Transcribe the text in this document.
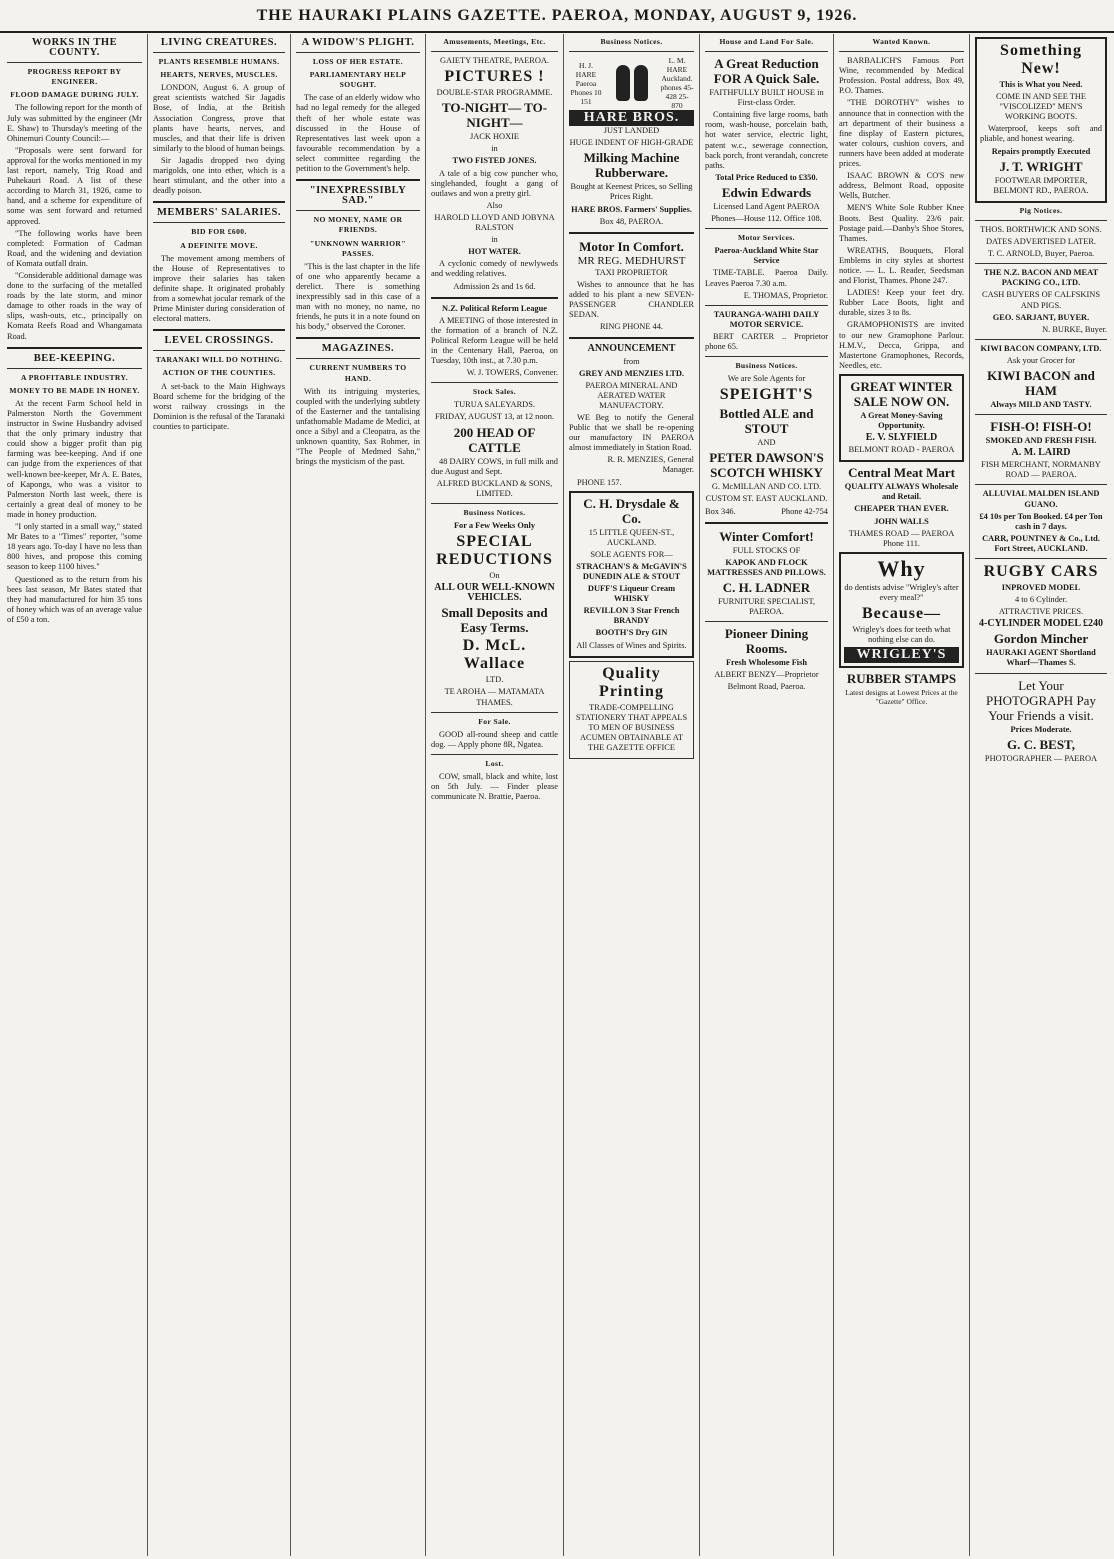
THE HAURAKI PLAINS GAZETTE. PAEROA, MONDAY, AUGUST 9, 1926.
WORKS IN THE COUNTY.
PROGRESS REPORT BY ENGINEER.
FLOOD DAMAGE DURING JULY.

The following report for the month of July was submitted by the engineer (Mr E. Shaw) to Thursday's meeting of the Ohinemuri County Council:—

"Proposals were sent forward for approval for the works mentioned in my last report, namely, Trig Road and Puhekauri Road. A list of these according to March 31, 1926, came to hand, and a scheme for expenditure of some was sent forward and returned approved.

"The following works have been completed: Formation of Cadman Road, and the widening and deviation of Komata outfall drain.

"Considerable additional damage was done to the surfacing of the metalled roads by the late storm, and minor damage to other roads in the way of slips, wash-outs, etc., principally on Komata Reefs Road and Whangamata Road.

BEE-KEEPING.
A PROFITABLE INDUSTRY.
MONEY TO BE MADE IN HONEY.

At the recent Farm School held in Palmerston North the Government instructor in Swine Husbandry advised that the only primary industry that could show a bigger profit than pig farming was bee-keeping. And if one can judge from the experiences of that well-known bee-keeper, Mr A. E. Bates, of Kapongs, who was a visitor to Palmerston North last week, there is certainly a great deal of money to be made in honey production.

"I only started in a small way," stated Mr Bates to a "Times" reporter, "some 18 years ago. To-day I have no less than 800 hives, and propose this coming season to keep 1100 hives."

Questioned as to the return from his bees last season, Mr Bates stated that they had manufactured for him 35 tons of honey which was of an average value of £50 a ton.

LIVING CREATURES.
PLANTS RESEMBLE HUMANS.
HEARTS, NERVES, MUSCLES.

LONDON, August 6. A group of great scientists watched Sir Jagadis Bose, of India, at the British Association Congress, prove that plants have hearts, nerves, and muscles, and that their life is driven similarly to the blood of human beings.

Sir Jagadis dropped two dying marigolds, one into ether, which is a heart stimulant, and the other into a deadly poison.

MEMBERS' SALARIES.
BID FOR £600.
A DEFINITE MOVE.

The movement among members of the House of Representatives to improve their salaries has taken definite shape. It originated probably from a somewhat jocular remark of the Prime Minister during consideration of electoral matters.

LEVEL CROSSINGS.
TARANAKI WILL DO NOTHING.
ACTION OF THE COUNTIES.

A set-back to the Main Highways Board scheme for the bridging of the worst railway crossings in the Dominion is the refusal of the Taranaki counties to participate.

A WIDOW'S PLIGHT.
LOSS OF HER ESTATE.
PARLIAMENTARY HELP SOUGHT.

The case of an elderly widow who had no legal remedy for the alleged theft of her whole estate was discussed in the House of Representatives last week upon a favourable recommendation by a select committee regarding the petition to the Government's help.

"INEXPRESSIBLY SAD."
NO MONEY, NAME OR FRIENDS.
"UNKNOWN WARRIOR" PASSES.

"This is the last chapter in the life of one who apparently became a derelict. There is something inexpressibly sad in this case of a man with no money, no name, no friends, he puts it in a note found on his body," observed the Coroner.

MAGAZINES.
CURRENT NUMBERS TO HAND.

With its intriguing mysteries, coupled with the underlying subtlety of the Easterner and the tantalising unfathomable Madame de Medici, at once a Sibyl and a Cleopatra, as the unknown quantity, Sax Rohmer, in "The People of Medmed Sahn," brings the mysticism of the past.

Amusements, Meetings, Etc.

GAIETY THEATRE, PAEROA.

PICTURES !

DOUBLE-STAR PROGRAMME.

TO-NIGHT— TO-NIGHT—

JACK HOXIE

in

TWO FISTED JONES.

A tale of a big cow puncher who, singlehanded, fought a gang of outlaws and won a pretty girl.

Also

HAROLD LLOYD AND JOBYNA RALSTON

in

HOT WATER.

A cyclonic comedy of newlyweds and wedding relatives.

Admission 2s and 1s 6d.

N.Z. Political Reform League

A MEETING of those interested in the formation of a branch of N.Z. Political Reform League will be held in the Centenary Hall, Paeroa, on Tuesday, 10th inst., at 7.30 p.m.

W. J. TOWERS, Convener.

Stock Sales.

TURUA SALEYARDS.

FRIDAY, AUGUST 13, at 12 noon.

200 HEAD OF CATTLE

48 DAIRY COWS, in full milk and due August and Sept.

ALFRED BUCKLAND & SONS, LIMITED.

Business Notices.

For a Few Weeks Only

SPECIAL REDUCTIONS

On

ALL OUR WELL-KNOWN VEHICLES.

Small Deposits and Easy Terms.

D. McL. Wallace

LTD.

TE AROHA — MATAMATA THAMES.

For Sale.

GOOD all-round sheep and cattle dog. — Apply phone 8R, Ngatea.

Lost.

COW, small, black and white, lost on 5th July. — Finder please communicate N. Brattie, Paeroa.

Business Notices.
H. J. HARE Paeroa Phones 10 151
L. M. HARE Auckland. phones 45-428 25-870
HARE BROS.

JUST LANDED

HUGE INDENT OF HIGH-GRADE

Milking Machine Rubberware.

Bought at Keenest Prices, so Selling Prices Right.

HARE BROS. Farmers' Supplies.

Box 48, PAEROA.

Motor In Comfort.

MR REG. MEDHURST

TAXI PROPRIETOR

Wishes to announce that he has added to his plant a new SEVEN-PASSENGER CHANDLER SEDAN.

RING PHONE 44.

ANNOUNCEMENT

from

GREY AND MENZIES LTD.

PAEROA MINERAL AND AERATED WATER MANUFACTORY.

WE Beg to notify the General Public that we shall be re-opening our manufactory IN PAEROA almost immediately in Station Road.

R. R. MENZIES, General Manager.

PHONE 157.

C. H. Drysdale & Co.

15 LITTLE QUEEN-ST., AUCKLAND.

SOLE AGENTS FOR—

STRACHAN'S & McGAVIN'S DUNEDIN ALE & STOUT

DUFF'S Liqueur Cream WHISKY

REVILLON 3 Star French BRANDY

BOOTH'S Dry GIN

All Classes of Wines and Spirits.

Quality Printing

TRADE-COMPELLING STATIONERY THAT APPEALS TO MEN OF BUSINESS ACUMEN OBTAINABLE AT THE GAZETTE OFFICE

House and Land For Sale.

A Great Reduction FOR A Quick Sale.

FAITHFULLY BUILT HOUSE in First-class Order.

Containing five large rooms, bath room, wash-house, porcelain bath, hot water service, electric light, patent w.c., sewerage connection, back porch, front verandah, concrete paths.

Total Price Reduced to £350.

Edwin Edwards

Licensed Land Agent PAEROA

Phones—House 112. Office 108.

Motor Services.

Paeroa-Auckland White Star Service

TIME-TABLE. Paeroa Daily. Leaves Paeroa 7.30 a.m.

E. THOMAS, Proprietor.

TAURANGA-WAIHI DAILY MOTOR SERVICE.

BERT CARTER .. Proprietor phone 65.

Business Notices.

We are Sole Agents for

SPEIGHT'S

Bottled ALE and STOUT

AND

PETER DAWSON'S SCOTCH WHISKY

G. McMILLAN AND CO. LTD.

CUSTOM ST. EAST AUCKLAND.

Box 346.	Phone 42-754

Winter Comfort!

FULL STOCKS OF

KAPOK AND FLOCK MATTRESSES AND PILLOWS.

C. H. LADNER

FURNITURE SPECIALIST, PAEROA.

Pioneer Dining Rooms.

Fresh Wholesome Fish

ALBERT BENZY—Proprietor

Belmont Road, Paeroa.

Wanted Known.

BARBALICH'S Famous Port Wine, recommended by Medical Profession. Postal address, Box 49, P.O. Thames.

"THE DOROTHY" wishes to announce that in connection with the art department of their business a fine display of Eastern pictures, water colours, cushion covers, and runners have been added at moderate prices.

ISAAC BROWN & CO'S new address, Belmont Road, opposite Wells, Butcher.

MEN'S White Sole Rubber Knee Boots. Best Quality. 23/6 pair. Postage paid.—Danby's Shoe Stores, Thames.

WREATHS, Bouquets, Floral Emblems in city styles at shortest notice. — L. L. Reader, Seedsman and Florist, Thames. Phone 247.

LADIES! Keep your feet dry. Rubber Lace Boots, light and durable, sizes 3 to 8s.

GRAMOPHONISTS are invited to our new Gramophone Parlour. H.M.V., Decca, Grippa, and Mastertone Gramophones, Records, Needles, etc.

GREAT WINTER SALE NOW ON.

A Great Money-Saving Opportunity.

E. V. SLYFIELD

BELMONT ROAD - PAEROA

Central Meat Mart

QUALITY ALWAYS Wholesale and Retail.

CHEAPER THAN EVER.

JOHN WALLS

THAMES ROAD — PAEROA Phone 111.

Why

do dentists advise "Wrigley's after every meal?"

Because—

Wrigley's does for teeth what nothing else can do.

WRIGLEY'S

RUBBER STAMPS

Latest designs at Lowest Prices at the "Gazette" Office.

Something New!

This is What you Need.

COME IN AND SEE THE "VISCOLIZED" MEN'S WORKING BOOTS.

Waterproof, keeps soft and pliable, and honest wearing.

Repairs promptly Executed

J. T. WRIGHT

FOOTWEAR IMPORTER, BELMONT RD., PAEROA.

Pig Notices.

THOS. BORTHWICK AND SONS.

DATES ADVERTISED LATER.

T. C. ARNOLD, Buyer, Paeroa.

THE N.Z. BACON AND MEAT PACKING CO., LTD.

CASH BUYERS OF CALFSKINS AND PIGS.

GEO. SARJANT, BUYER.

N. BURKE, Buyer.

KIWI BACON COMPANY, LTD.

Ask your Grocer for

KIWI BACON and HAM

Always MILD AND TASTY.

FISH-O! FISH-O!

SMOKED AND FRESH FISH.

A. M. LAIRD

FISH MERCHANT, NORMANBY ROAD — PAEROA.

ALLUVIAL MALDEN ISLAND GUANO.

£4 10s per Ton Booked. £4 per Ton cash in 7 days.

CARR, POUNTNEY & Co., Ltd. Fort Street, AUCKLAND.

RUGBY CARS

INPROVED MODEL

4 to 6 Cylinder.

ATTRACTIVE PRICES.

4-CYLINDER MODEL £240

Gordon Mincher

HAURAKI AGENT Shortland Wharf—Thames S.

Let Your PHOTOGRAPH Pay Your Friends a visit.

Prices Moderate.

G. C. BEST,

PHOTOGRAPHER — PAEROA
